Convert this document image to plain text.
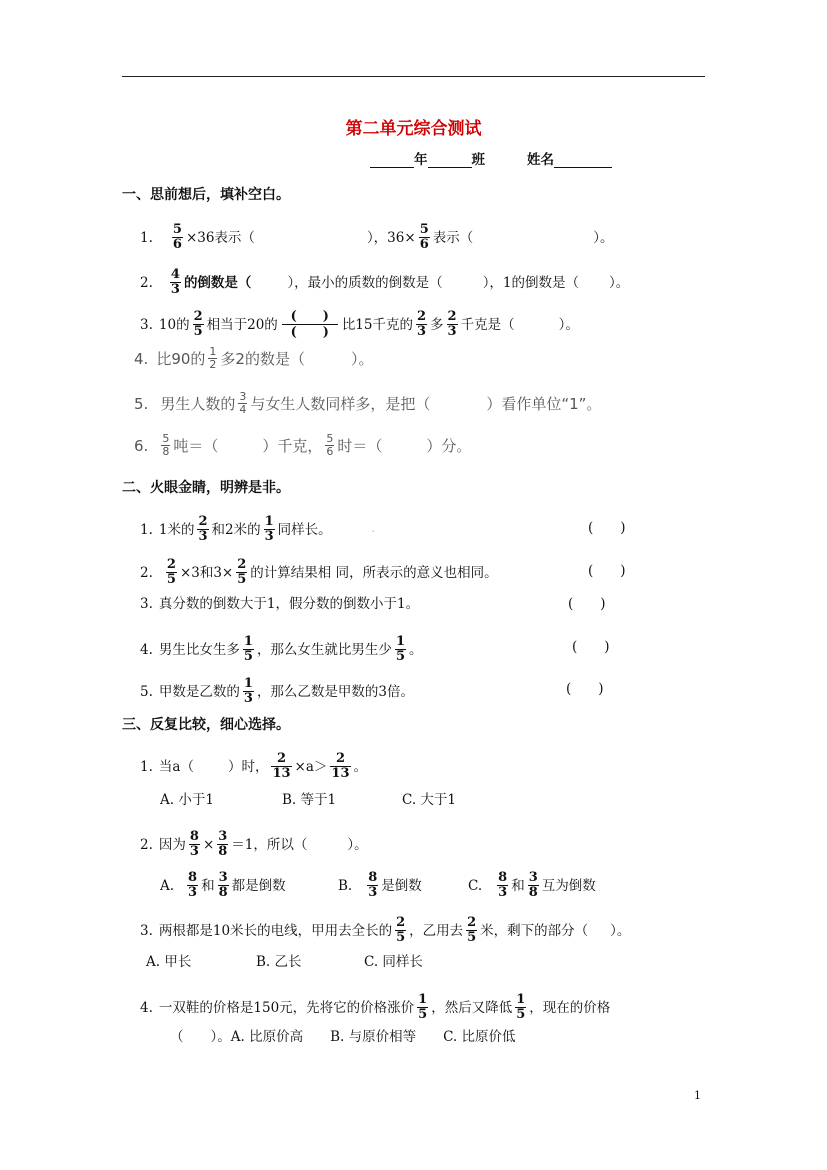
第二单元综合测试
年	班	姓名
一、思前想后，填补空白。
1. $\frac{5}{6} \times 36$表示（	），$36\times \frac{5}{6}$ 表示（	）。
2. $\frac{4}{3}$ 的倒数是（	），最小的质数的倒数是（	），1的倒数是（ ）。
3. 10的 $\frac{2}{5}$ 相当于20的 (　　)
(　　) 比15千克的 $\frac{2}{3}$ 多 $\frac{2}{3}$ 千克是（	）。
4. 比90的 $\frac{1}{2}$ 多2的数是（	）。
5. 男生人数的 $\frac{3}{4}$ 与女生人数同样多，是把（	）看作单位“1”。
6. $\frac{5}{8}$ 吨＝（	）千克， $\frac{5}{6}$ 时＝（	）分。
二、火眼金睛，明辨是非。
1. 1米的 $\frac{2}{3}$ 和2米的 $\frac{1}{3}$ 同样长。	.	(　　)
2. $\frac{2}{5} \times 3$和$3\times \frac{2}{5}$ 的计算结果相 同，所表示的意义也相同。	(　　)
3. 真分数的倒数大于1，假分数的倒数小于1。	(　　)
4. 男生比女生多 $\frac{1}{5}$ ，那么女生就比男生少 $\frac{1}{5}$ 。	(　　)
5. 甲数是乙数的 $\frac{1}{3}$ ，那么乙数是甲数的3倍。	(　　)
三、反复比较，细心选择。
1. 当a（	）时， $\frac{2}{13} \times a> \frac{2}{13}$ 。
A. 小于1	B. 等于1	C. 大于1
2. 因为 $\frac{8}{3} \times \frac{3}{8} =1$，所以（	）。
A. $\frac{8}{3}$ 和 $\frac{3}{8}$ 都是倒数	B. $\frac{8}{3}$ 是倒数	C. $\frac{8}{3}$ 和 $\frac{3}{8}$ 互为倒数
3. 两根都是10米长的电线，甲用去全长的 $\frac{2}{5}$ ，乙用去 $\frac{2}{5}$ 米，剩下的部分（ ）。
A. 甲长	B. 乙长	C. 同样长
4. 一双鞋的价格是150元，先将它的价格涨价 $\frac{1}{5}$ ，然后又降低 $\frac{1}{5}$ ，现在的价格
（　　）。A. 比原价高　　B. 与原价相等　　C. 比原价低
1
